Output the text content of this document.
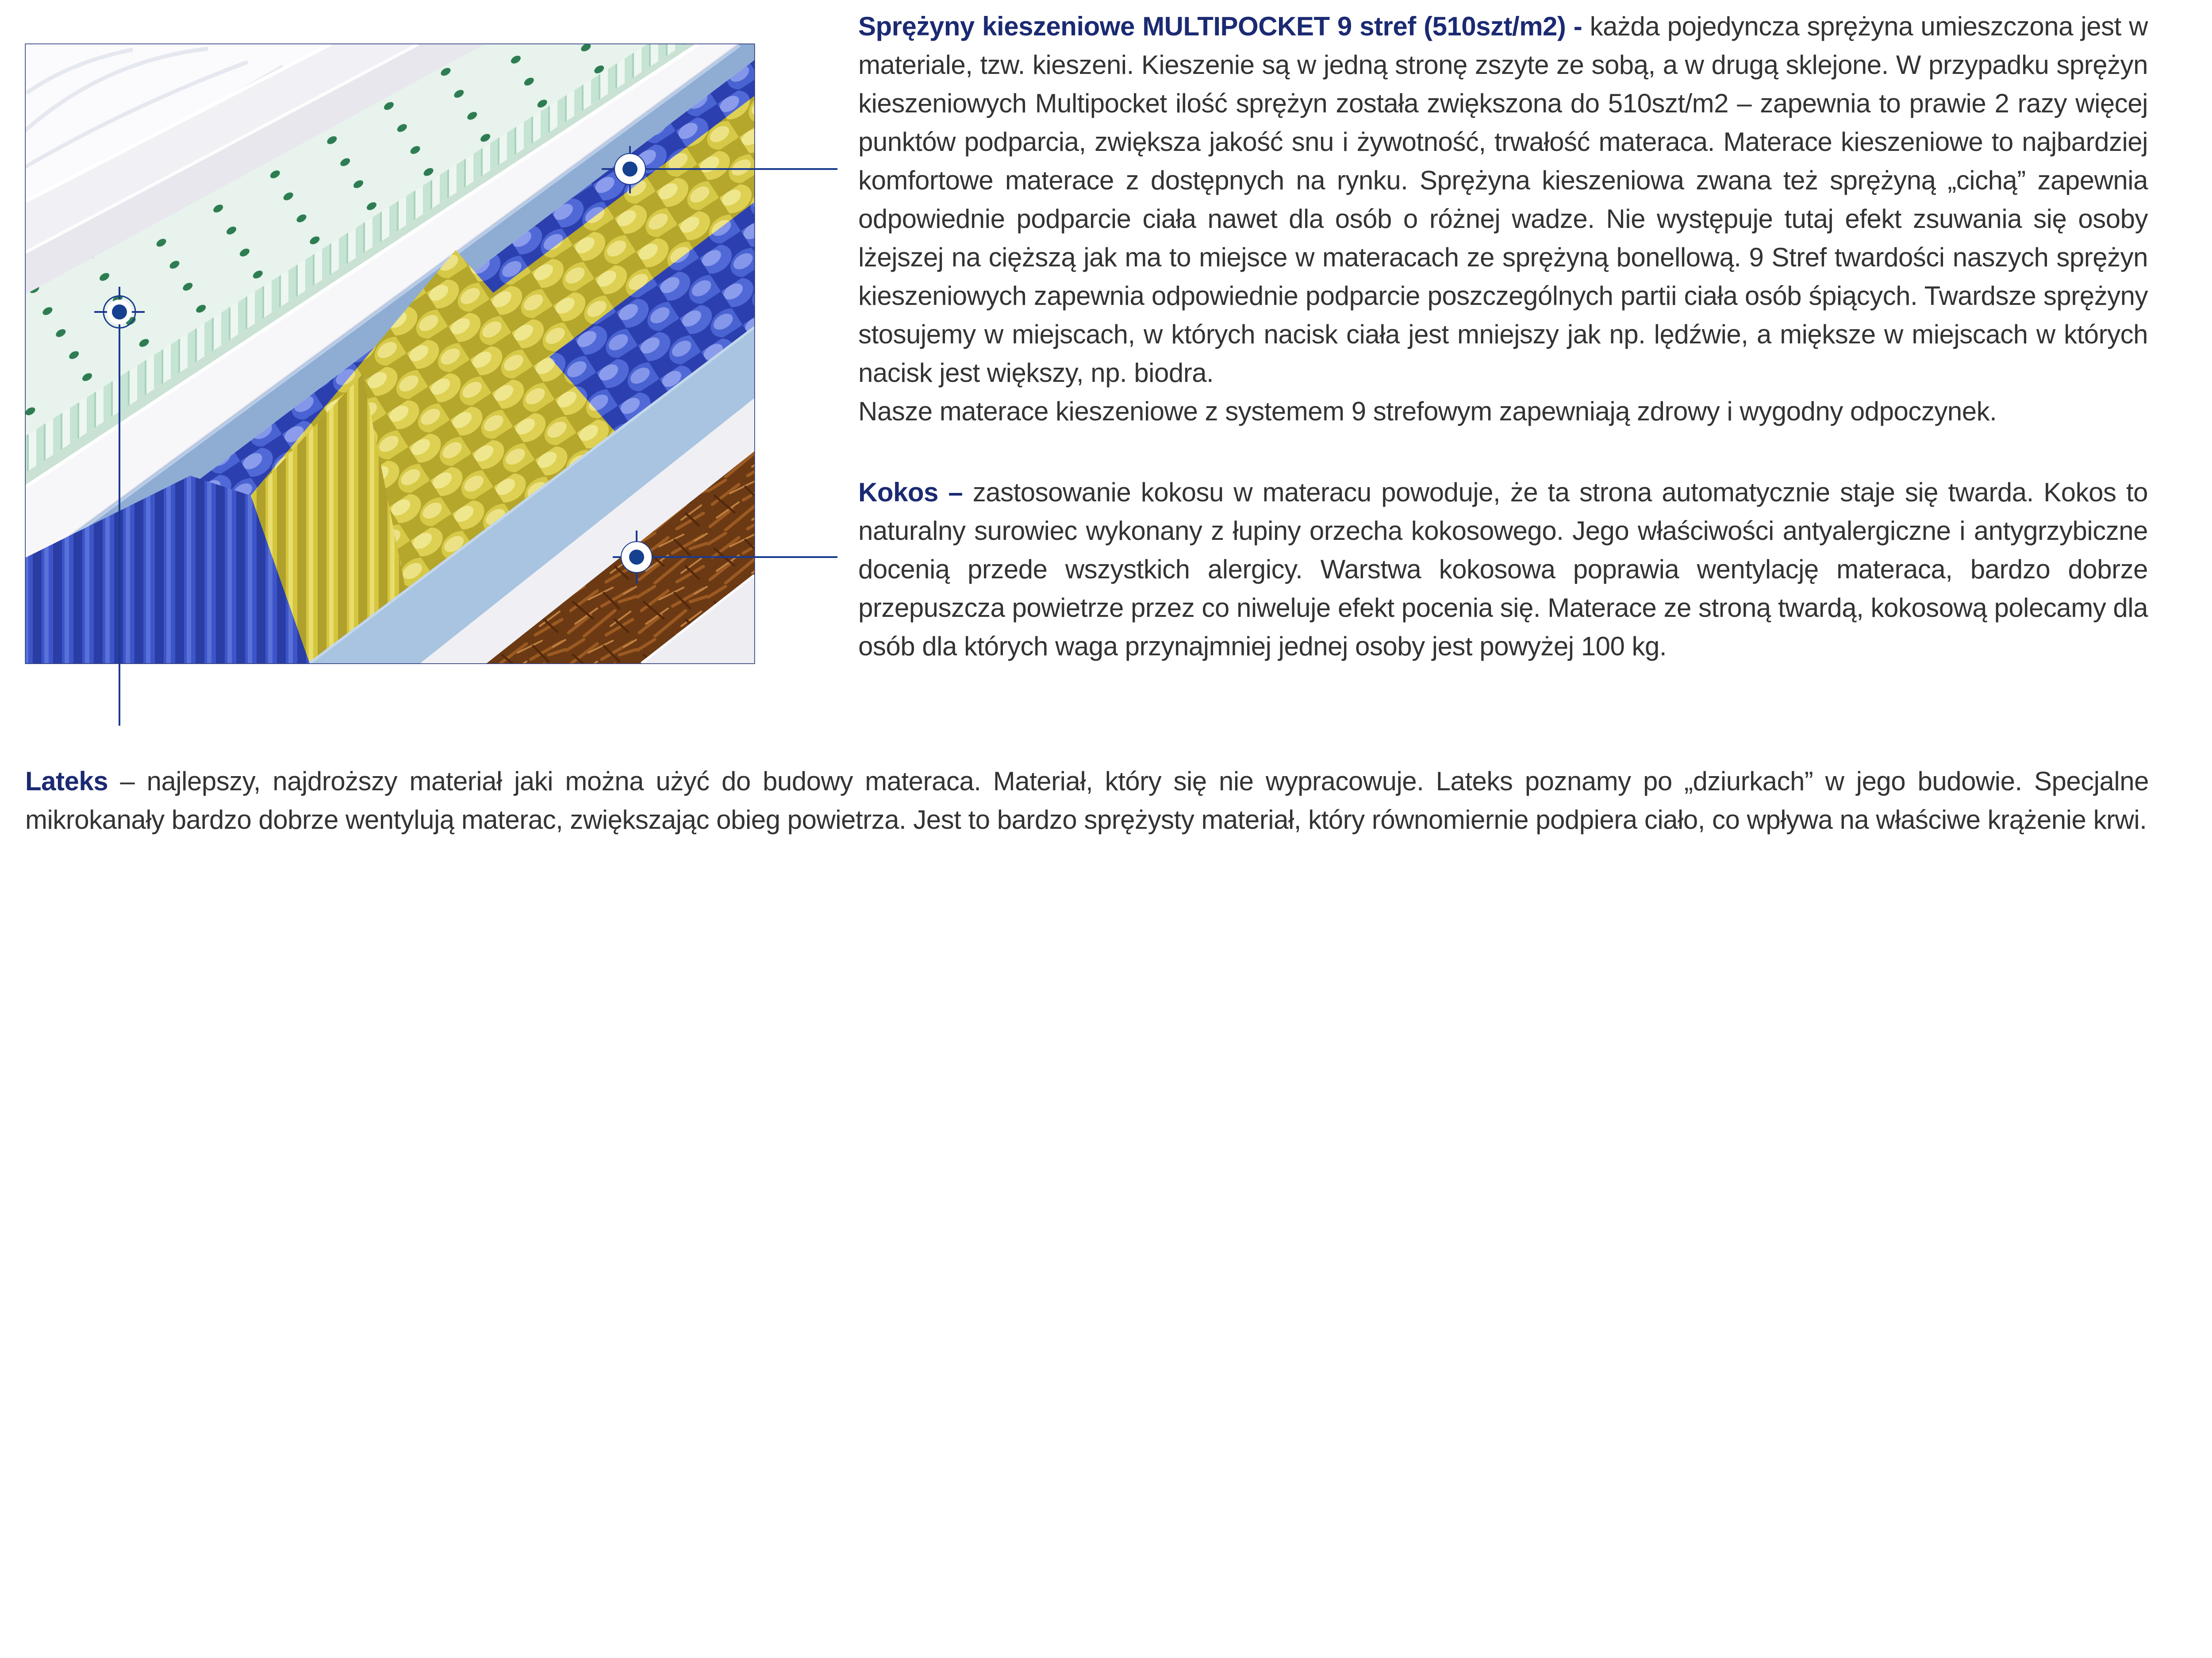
Sprężyny kieszeniowe MULTIPOCKET 9 stref (510szt/m2) - każda pojedyncza sprężyna umieszczona jest w materiale, tzw. kieszeni. Kieszenie są w jedną stronę zszyte ze sobą, a w drugą sklejone. W przypadku sprężyn kieszeniowych Multipocket ilość sprężyn została zwiększona do 510szt/m2 – zapewnia to prawie 2 razy więcej punktów podparcia, zwiększa jakość snu i żywotność, trwałość materaca. Materace kieszeniowe to najbardziej komfortowe materace z dostępnych na rynku. Sprężyna kieszeniowa zwana też sprężyną „cichą” zapewnia odpowiednie podparcie ciała nawet dla osób o różnej wadze. Nie występuje tutaj efekt zsuwania się osoby lżejszej na cięższą jak ma to miejsce w materacach ze sprężyną bonellową. 9 Stref twardości naszych sprężyn kieszeniowych zapewnia odpowiednie podparcie poszczególnych partii ciała osób śpiących. Twardsze sprężyny stosujemy w miejscach, w których nacisk ciała jest mniejszy jak np. lędźwie, a miększe w miejscach w których nacisk jest większy, np. biodra.

Nasze materace kieszeniowe z systemem 9 strefowym zapewniają zdrowy i wygodny odpoczynek.

Kokos – zastosowanie kokosu w materacu powoduje, że ta strona automatycznie staje się twarda. Kokos to naturalny surowiec wykonany z łupiny orzecha kokosowego. Jego właściwości antyalergiczne i antygrzybiczne docenią przede wszystkich alergicy. Warstwa kokosowa poprawia wentylację materaca, bardzo dobrze przepuszcza powietrze przez co niweluje efekt pocenia się. Materace ze stroną twardą, kokosową polecamy dla osób dla których waga przynajmniej jednej osoby jest powyżej 100 kg.

Lateks – najlepszy, najdroższy materiał jaki można użyć do budowy materaca. Materiał, który się nie wypracowuje. Lateks poznamy po „dziurkach” w jego budowie. Specjalne mikrokanały bardzo dobrze wentylują materac, zwiększając obieg powietrza. Jest to bardzo sprężysty materiał, który równomiernie podpiera ciało, co wpływa na właściwe krążenie krwi.
